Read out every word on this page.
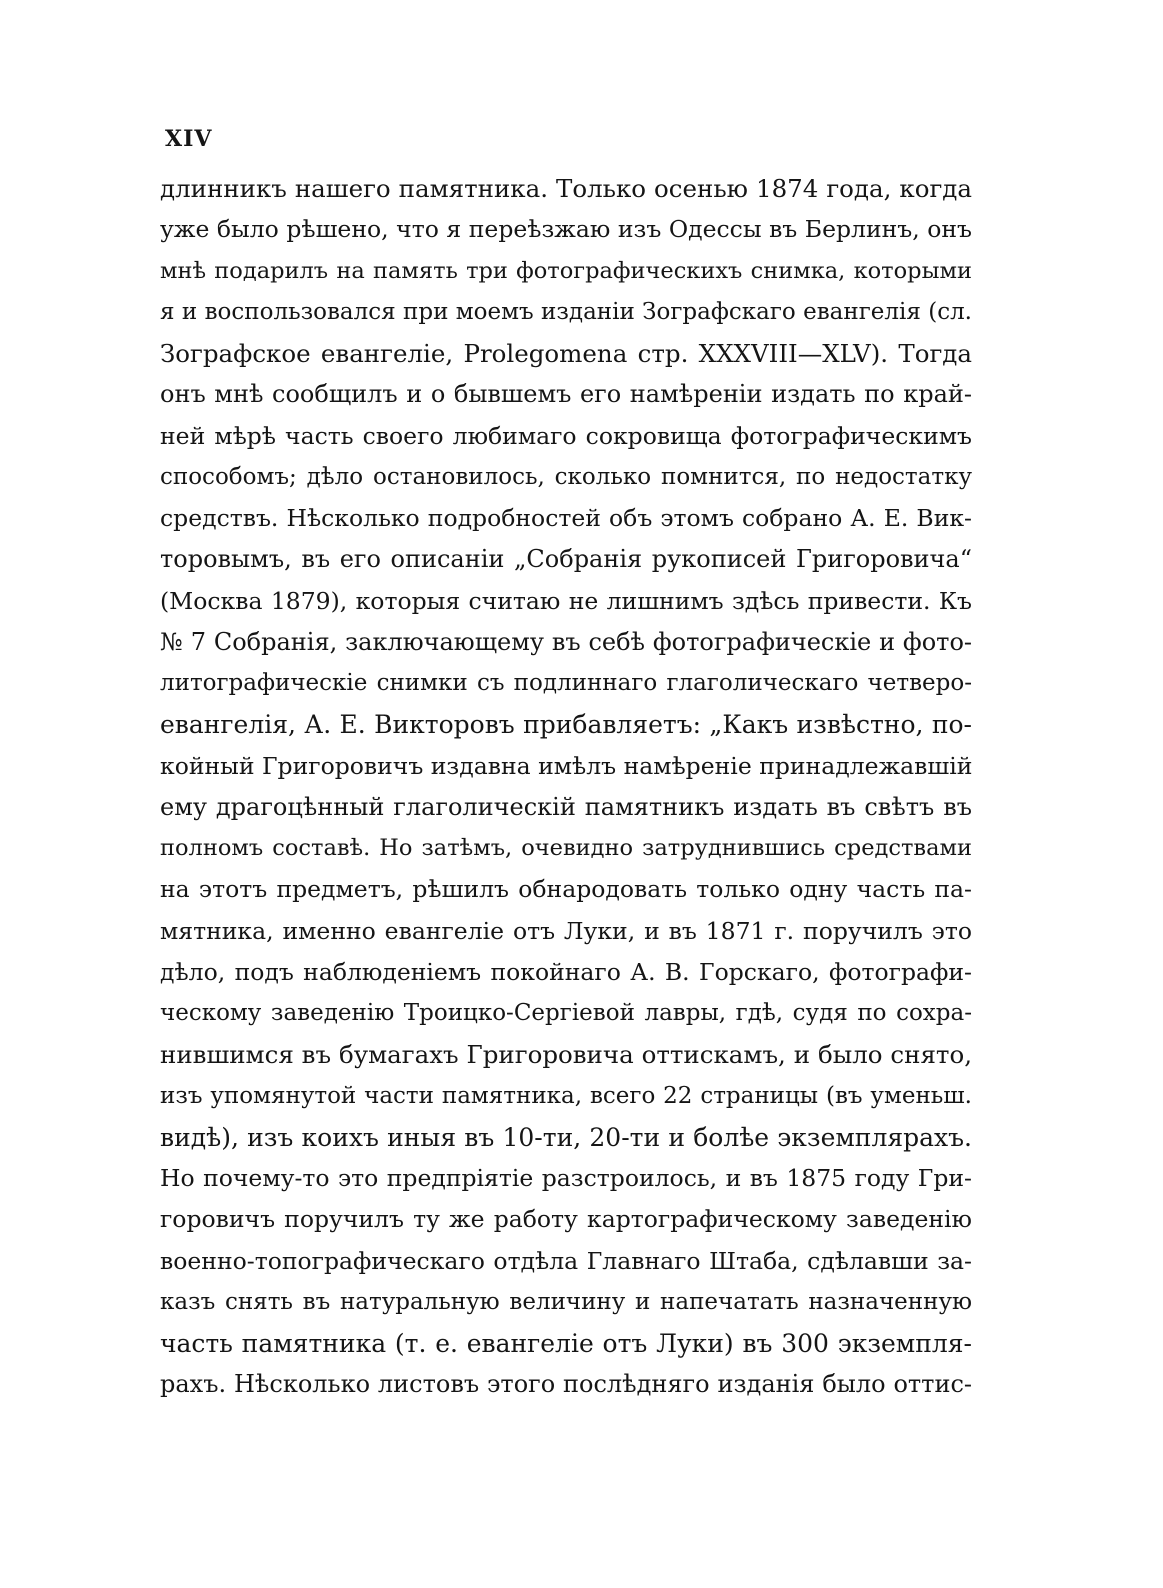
XIV
длинникъ нашего памятника. Только осенью 1874 года, когда
уже было рѣшено, что я переѣзжаю изъ Одессы въ Берлинъ, онъ
мнѣ подарилъ на память три фотографическихъ снимка, которыми
я и воспользовался при моемъ изданіи Зографскаго евангелія (сл.
Зографское евангеліе, Prolegomena стр. XXXVIII—XLV). Тогда
онъ мнѣ сообщилъ и о бывшемъ его намѣреніи издать по край-
ней мѣрѣ часть своего любимаго сокровища фотографическимъ
способомъ; дѣло остановилось, сколько помнится, по недостатку
средствъ. Нѣсколько подробностей объ этомъ собрано А. Е. Вик-
торовымъ, въ его описаніи „Собранія рукописей Григоровича“
(Москва 1879), которыя считаю не лишнимъ здѣсь привести. Къ
№ 7 Собранія, заключающему въ себѣ фотографическіе и фото-
литографическіе снимки съ подлиннаго глаголическаго четверо-
евангелія, А. Е. Викторовъ прибавляетъ: „Какъ извѣстно, по-
койный Григоровичъ издавна имѣлъ намѣреніе принадлежавшій
ему драгоцѣнный глаголическій памятникъ издать въ свѣтъ въ
полномъ составѣ. Но затѣмъ, очевидно затруднившись средствами
на этотъ предметъ, рѣшилъ обнародовать только одну часть па-
мятника, именно евангеліе отъ Луки, и въ 1871 г. поручилъ это
дѣло, подъ наблюденіемъ покойнаго А. В. Горскаго, фотографи-
ческому заведенію Троицко-Сергіевой лавры, гдѣ, судя по сохра-
нившимся въ бумагахъ Григоровича оттискамъ, и было снято,
изъ упомянутой части памятника, всего 22 страницы (въ уменьш.
видѣ), изъ коихъ иныя въ 10-ти, 20-ти и болѣе экземплярахъ.
Но почему-то это предпріятіе разстроилось, и въ 1875 году Гри-
горовичъ поручилъ ту же работу картографическому заведенію
военно-топографическаго отдѣла Главнаго Штаба, сдѣлавши за-
казъ снять въ натуральную величину и напечатать назначенную
часть памятника (т. е. евангеліе отъ Луки) въ 300 экземпля-
рахъ. Нѣсколько листовъ этого послѣдняго изданія было оттис-
